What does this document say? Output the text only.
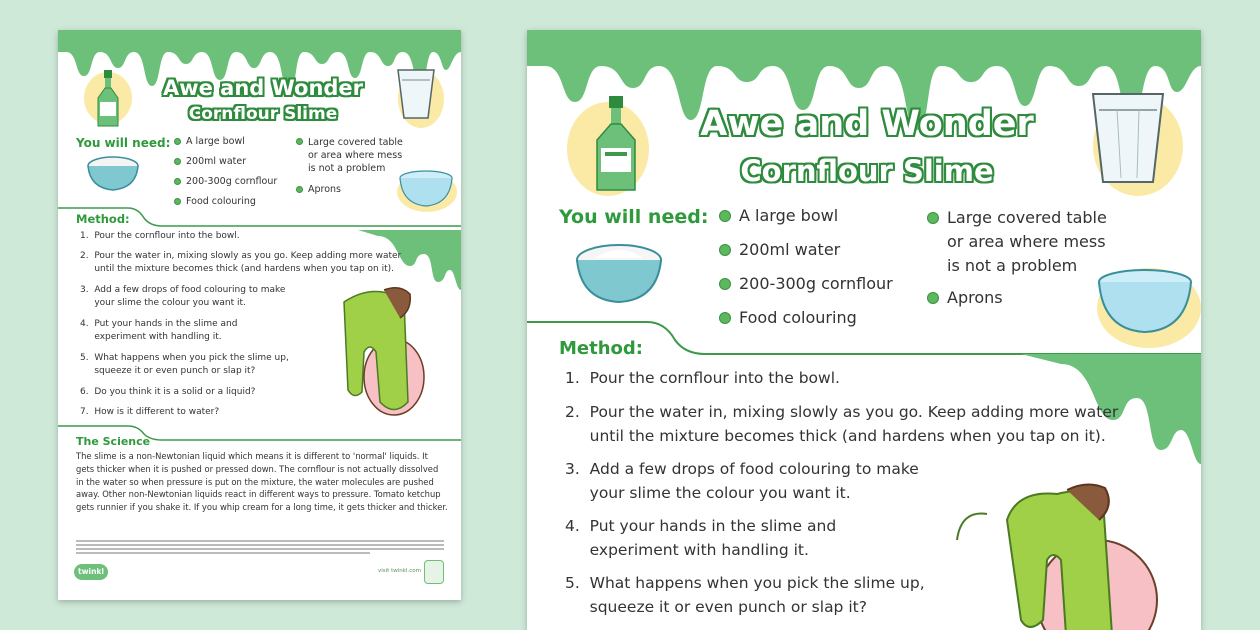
Awe and Wonder
Cornflour Slime
You will need: A large bowl
200ml water
200-300g cornflour
Food colouring
Large covered table or area where mess is not a problem
Aprons
Method:
1.  Pour the cornflour into the bowl.
2.  Pour the water in, mixing slowly as you go. Keep adding more water
until the mixture becomes thick (and hardens when you tap on it).
3.  Add a few drops of food colouring to make
your slime the colour you want it.
4.  Put your hands in the slime and
experiment with handling it.
5.  What happens when you pick the slime up,
squeeze it or even punch or slap it?
6.  Do you think it is a solid or a liquid?
7.  How is it different to water?
The Science
The slime is a non-Newtonian liquid which means it is different to 'normal' liquids. It gets thicker when it is pushed or pressed down. The cornflour is not actually dissolved in the water so when pressure is put on the mixture, the water molecules are pushed away. Other non-Newtonian liquids react in different ways to pressure. Tomato ketchup gets runnier if you shake it. If you whip cream for a long time, it gets thicker and thicker.
twinkl	visit twinkl.com
Awe and Wonder
Cornflour Slime
You will need: A large bowl
200ml water
200-300g cornflour
Food colouring
Large covered table
or area where mess
is not a problem
Aprons
Method:
1.  Pour the cornflour into the bowl.
2.  Pour the water in, mixing slowly as you go. Keep adding more water
until the mixture becomes thick (and hardens when you tap on it).
3.  Add a few drops of food colouring to make
your slime the colour you want it.
4.  Put your hands in the slime and
experiment with handling it.
5.  What happens when you pick the slime up,
squeeze it or even punch or slap it?
